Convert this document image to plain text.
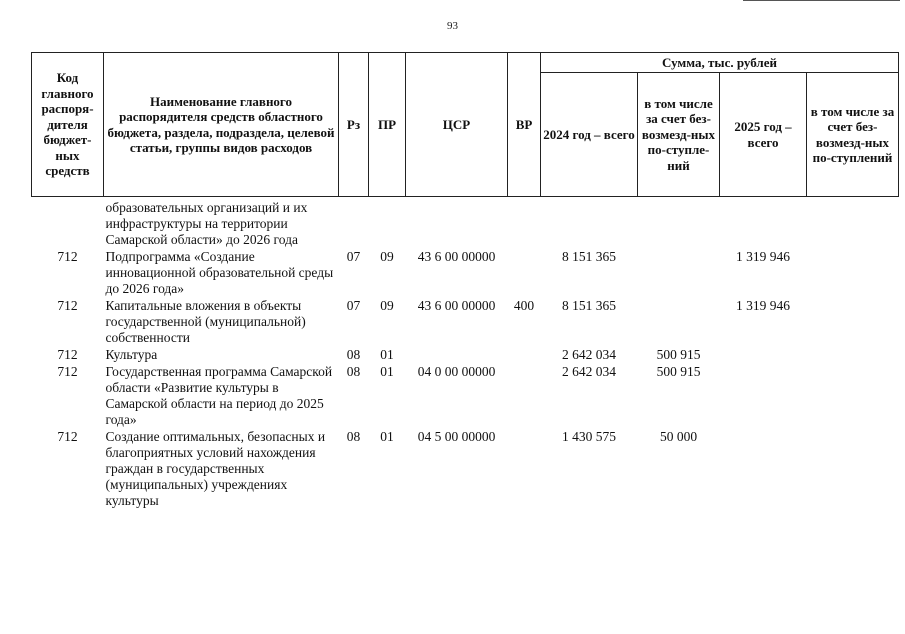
93
Код главного распоря-дителя бюджет-ных средств	Наименование главного распорядителя средств областного бюджета, раздела, подраздела, целевой статьи, группы видов расходов	Рз	ПР	ЦСР	ВР	Сумма, тыс. рублей			
						2024 год – всего	в том числе за счет без-возмезд-ных по-ступле-ний	2025 год – всего	в том числе за счет без-возмезд-ных по-ступлений
	образовательных организаций и их инфраструктуры на территории Самарской области» до 2026 года								
712	Подпрограмма «Создание инновационной образовательной среды до 2026 года»	07	09	43 6 00 00000		8 151 365		1 319 946	
712	Капитальные вложения в объекты государственной (муниципальной) собственности	07	09	43 6 00 00000	400	8 151 365		1 319 946	
712	Культура	08	01			2 642 034	500 915		
712	Государственная программа Самарской области «Развитие культуры в Самарской области на период до 2025 года»	08	01	04 0 00 00000		2 642 034	500 915		
712	Создание оптимальных, безопасных и благоприятных условий нахождения граждан в государственных (муниципальных) учреждениях культуры	08	01	04 5 00 00000		1 430 575	50 000		
